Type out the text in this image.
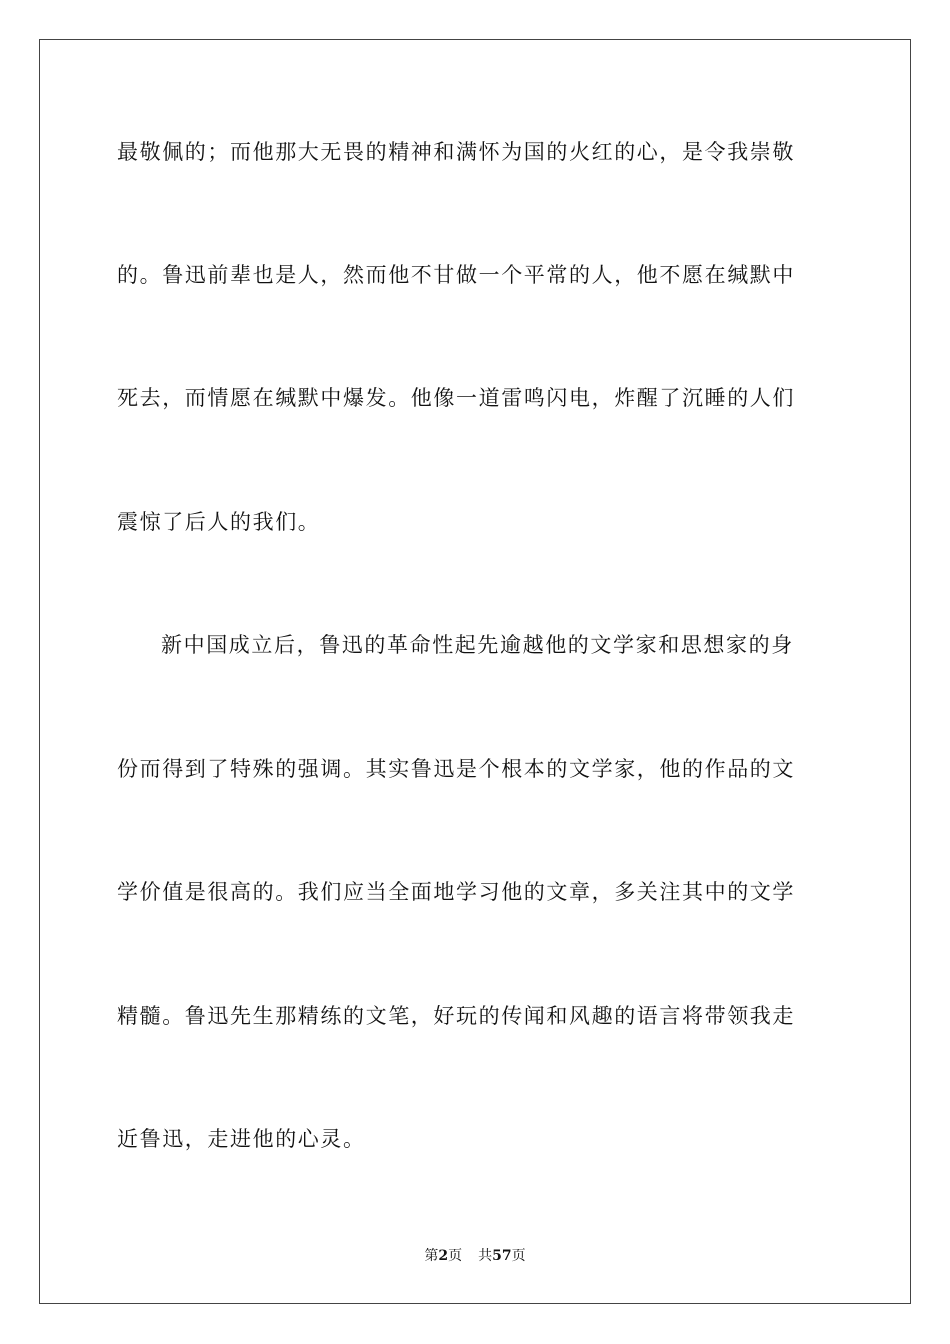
最敬佩的；而他那大无畏的精神和满怀为国的火红的心，是令我崇敬
的。鲁迅前辈也是人，然而他不甘做一个平常的人，他不愿在缄默中
死去，而情愿在缄默中爆发。他像一道雷鸣闪电，炸醒了沉睡的人们
震惊了后人的我们。
新中国成立后，鲁迅的革命性起先逾越他的文学家和思想家的身
份而得到了特殊的强调。其实鲁迅是个根本的文学家，他的作品的文
学价值是很高的。我们应当全面地学习他的文章，多关注其中的文学
精髓。鲁迅先生那精练的文笔，好玩的传闻和风趣的语言将带领我走
近鲁迅，走进他的心灵。
第2页 共57页
